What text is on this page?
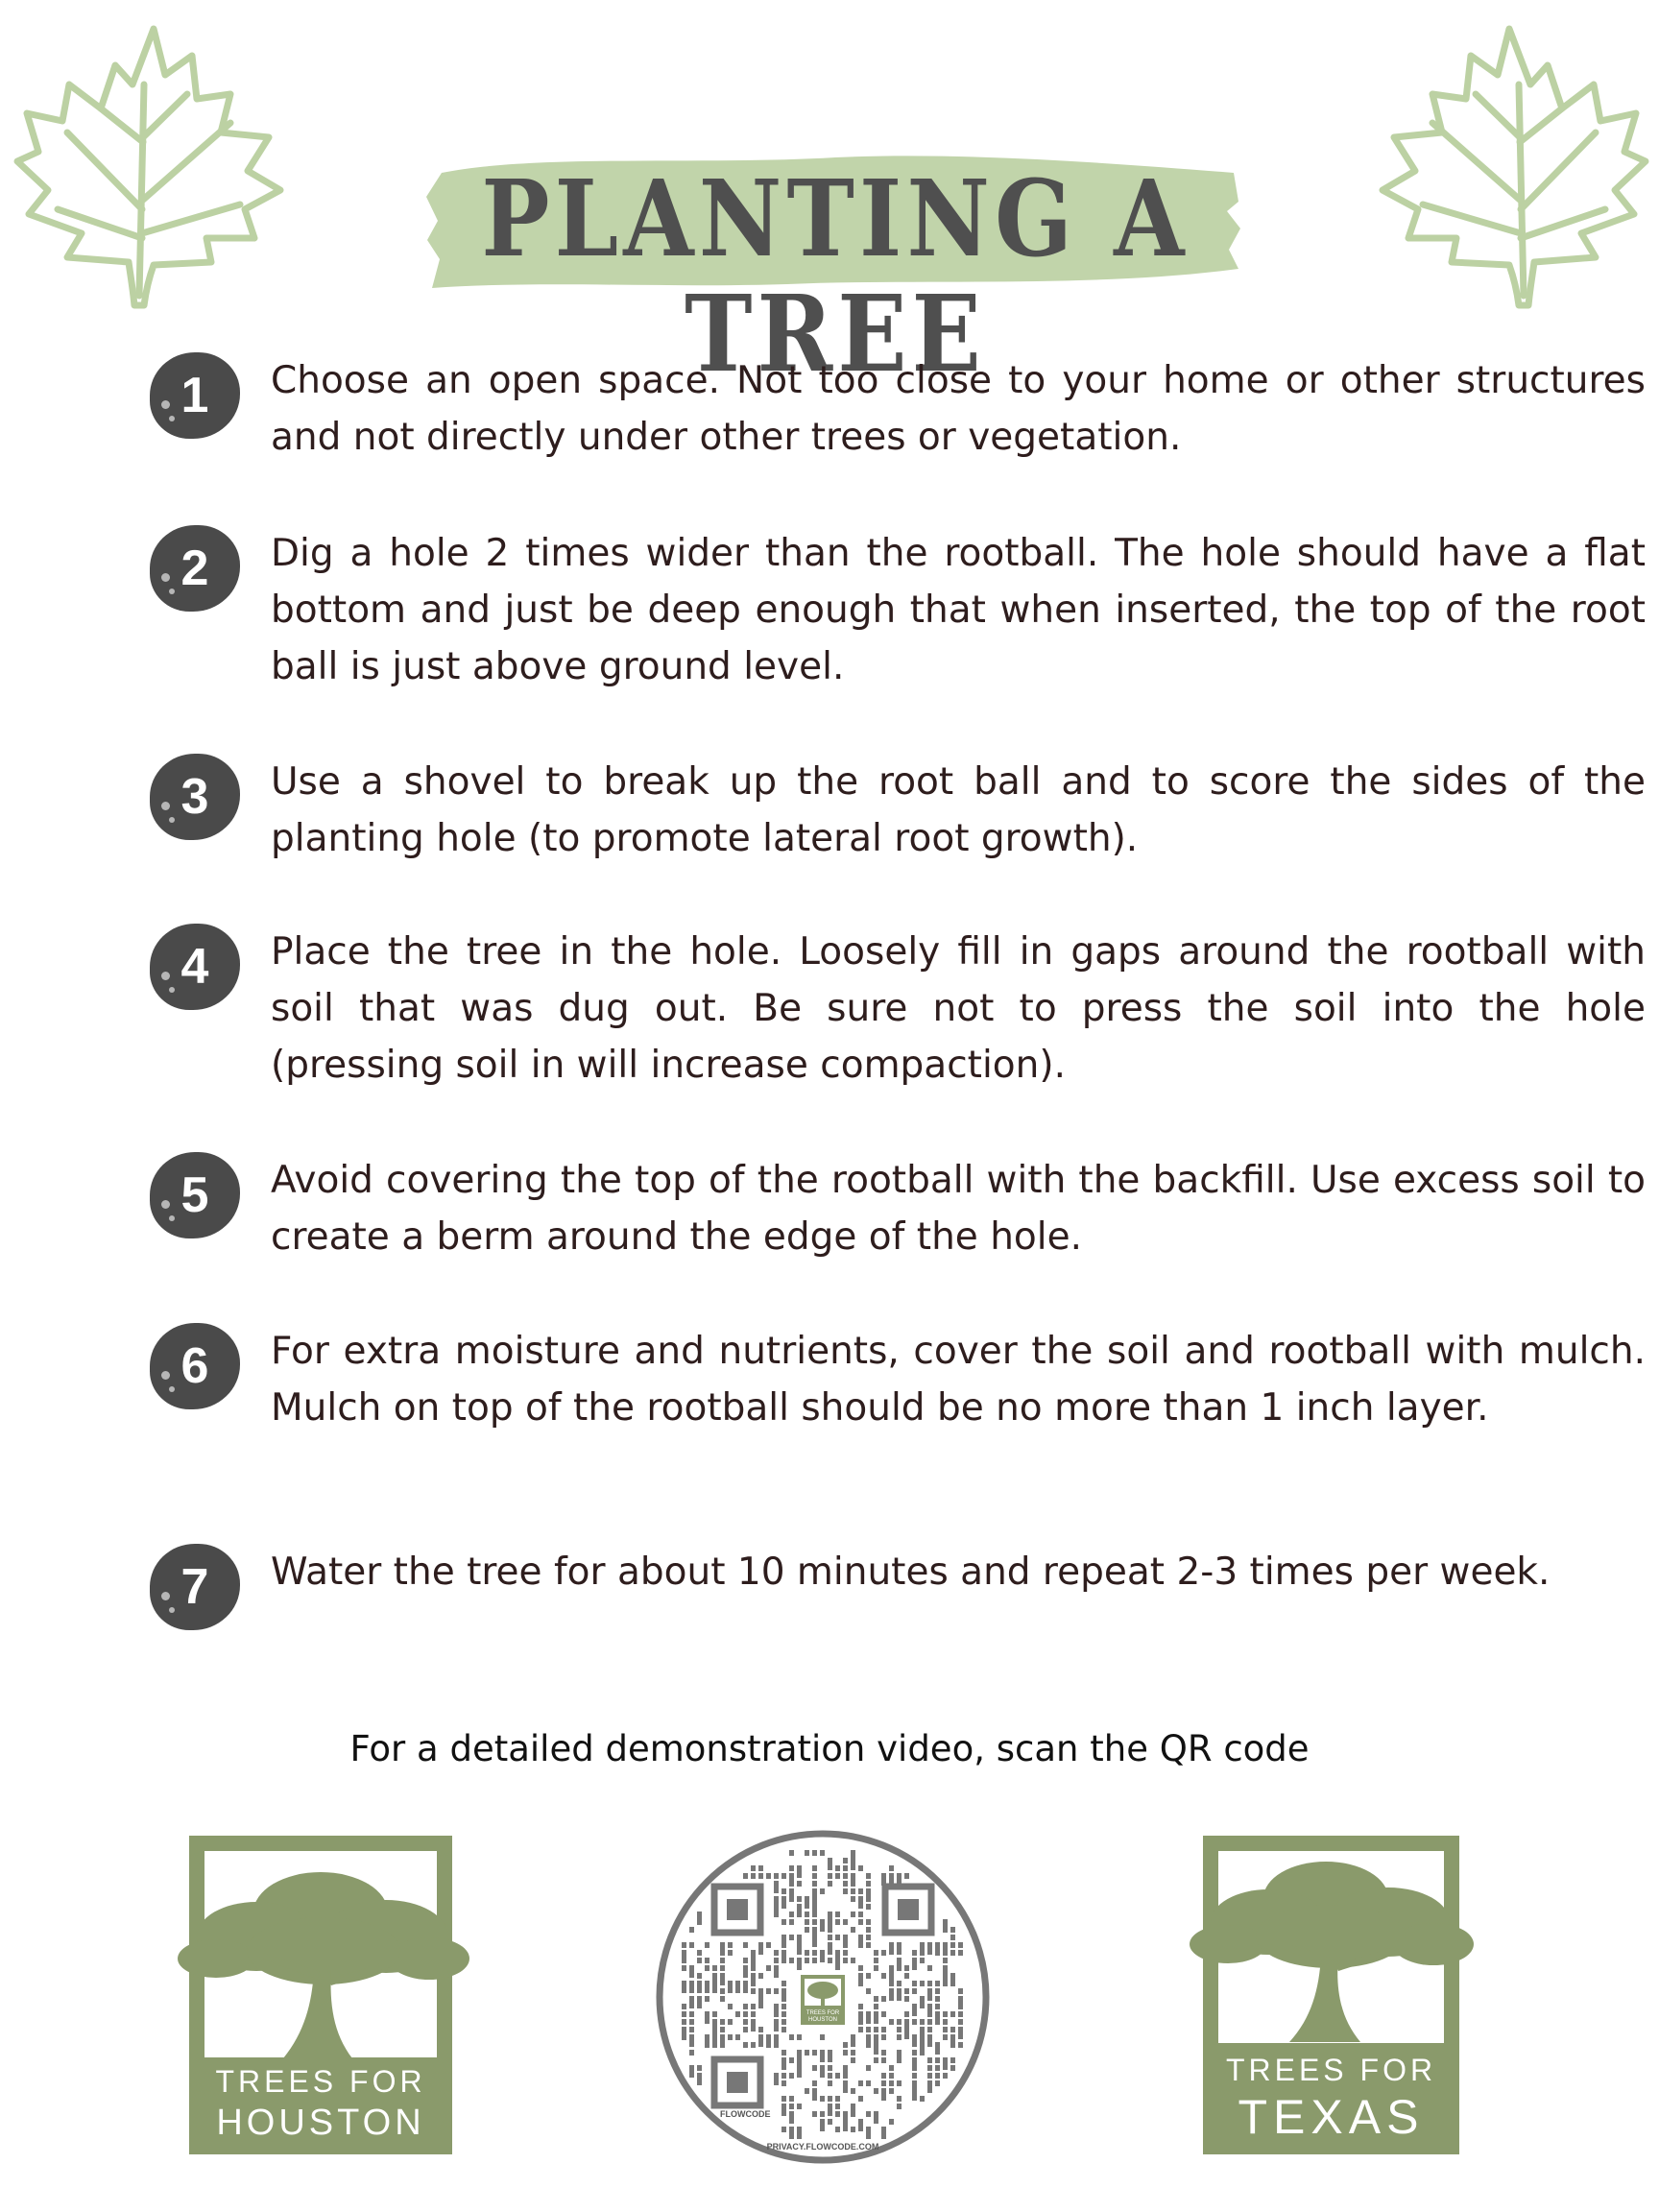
PLANTING A TREE
1	Choose an open space. Not too close to your home or other structures and not directly under other trees or vegetation.
2	Dig a hole 2 times wider than the rootball. The hole should have a flat bottom and just be deep enough that when inserted, the top of the root ball is just above ground level.
3	Use a shovel to break up the root ball and to score the sides of the planting hole (to promote lateral root growth).
4	Place the tree in the hole. Loosely fill in gaps around the rootball with soil that was dug out. Be sure not to press the soil into the hole (pressing soil in will increase compaction).
5	Avoid covering the top of the rootball with the backfill. Use excess soil to create a berm around the edge of the hole.
6	For extra moisture and nutrients, cover the soil and rootball with mulch. Mulch on top of the rootball should be no more than 1 inch layer.
7	Water the tree for about 10 minutes and repeat 2-3 times per week.
For a detailed demonstration video, scan the QR code
TREES FOR
HOUSTON
TREES FOR
HOUSTON
FLOWCODE
PRIVACY.FLOWCODE.COM
TREES FOR
TEXAS
